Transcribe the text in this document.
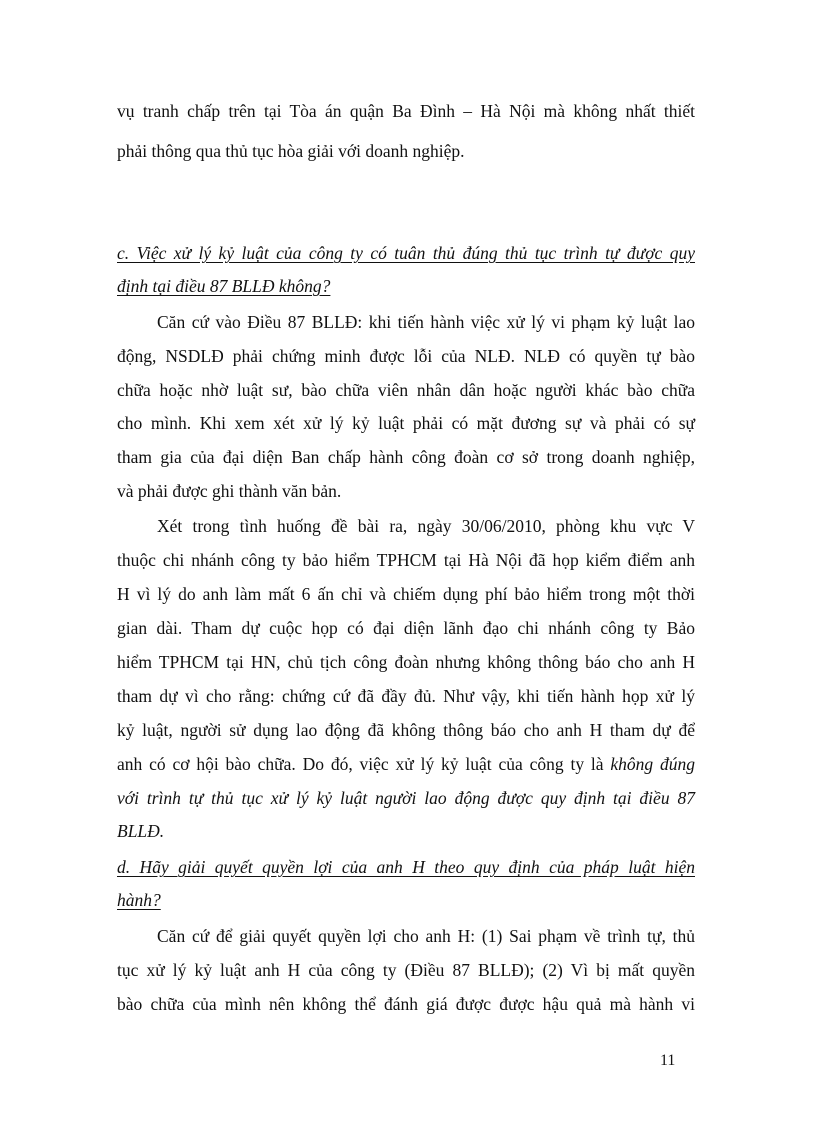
vụ tranh chấp trên tại Tòa án quận Ba Đình – Hà Nội mà không nhất thiết
phải thông qua thủ tục hòa giải với doanh nghiệp.
c. Việc xử lý kỷ luật của công ty có tuân thủ đúng thủ tục trình tự được quy
định tại điều 87 BLLĐ không?
Căn cứ vào Điều 87 BLLĐ: khi tiến hành việc xử lý vi phạm kỷ luật lao
động, NSDLĐ phải chứng minh được lỗi của NLĐ. NLĐ có quyền tự bào
chữa hoặc nhờ luật sư, bào chữa viên nhân dân hoặc người khác bào chữa
cho mình. Khi xem xét xử lý kỷ luật phải có mặt đương sự và phải có sự
tham gia của đại diện Ban chấp hành công đoàn cơ sở trong doanh nghiệp,
và phải được ghi thành văn bản.
Xét trong tình huống đề bài ra, ngày 30/06/2010, phòng khu vực V
thuộc chi nhánh công ty bảo hiểm TPHCM tại Hà Nội đã họp kiểm điểm anh
H vì lý do anh làm mất 6 ấn chỉ và chiếm dụng phí bảo hiểm trong một thời
gian dài. Tham dự cuộc họp có đại diện lãnh đạo chi nhánh công ty Bảo
hiểm TPHCM tại HN, chủ tịch công đoàn nhưng không thông báo cho anh H
tham dự vì cho rằng: chứng cứ đã đầy đủ. Như vậy, khi tiến hành họp xử lý
kỷ luật, người sử dụng lao động đã không thông báo cho anh H tham dự để
anh có cơ hội bào chữa. Do đó, việc xử lý kỷ luật của công ty là không đúng
với trình tự thủ tục xử lý kỷ luật người lao động được quy định tại điều 87
BLLĐ.
d. Hãy giải quyết quyền lợi của anh H theo quy định của pháp luật hiện
hành?
Căn cứ để giải quyết quyền lợi cho anh H: (1) Sai phạm về trình tự, thủ
tục xử lý kỷ luật anh H của công ty (Điều 87 BLLĐ); (2) Vì bị mất quyền
bào chữa của mình nên không thể đánh giá được được hậu quả mà hành vi
11
